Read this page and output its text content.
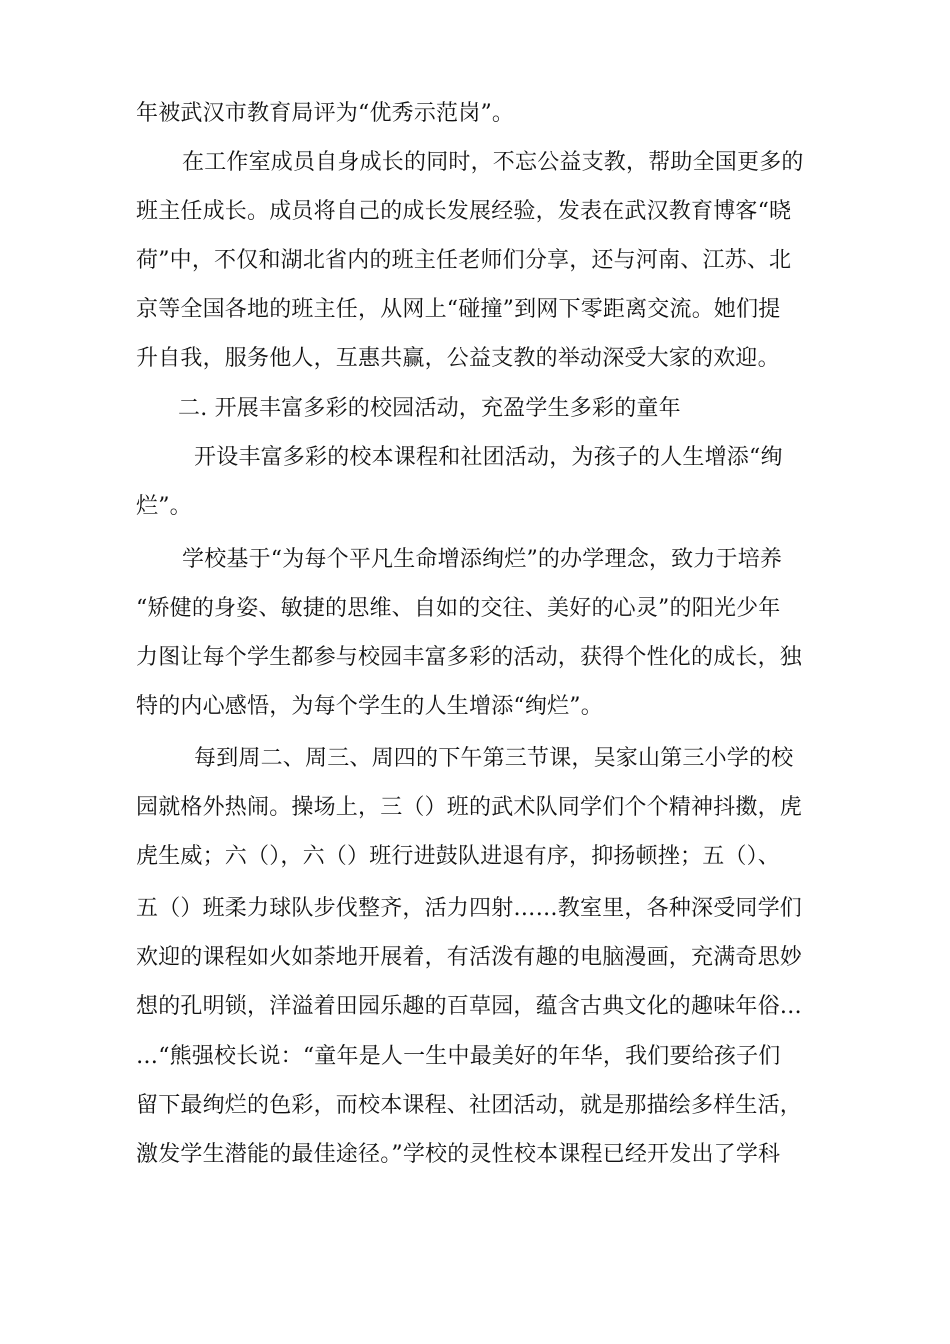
年被武汉市教育局评为“优秀示范岗”。
在工作室成员自身成长的同时，不忘公益支教，帮助全国更多的
班主任成长。成员将自己的成长发展经验，发表在武汉教育博客“晓
荷”中，不仅和湖北省内的班主任老师们分享，还与河南、江苏、北
京等全国各地的班主任，从网上“碰撞”到网下零距离交流。她们提
升自我，服务他人，互惠共赢，公益支教的举动深受大家的欢迎。
二. 开展丰富多彩的校园活动，充盈学生多彩的童年
开设丰富多彩的校本课程和社团活动，为孩子的人生增添“绚
烂”。
学校基于“为每个平凡生命增添绚烂”的办学理念，致力于培养
“矫健的身姿、敏捷的思维、自如的交往、美好的心灵”的阳光少年
力图让每个学生都参与校园丰富多彩的活动，获得个性化的成长，独
特的内心感悟，为每个学生的人生增添“绚烂”。
每到周二、周三、周四的下午第三节课，吴家山第三小学的校
园就格外热闹。操场上，三（）班的武术队同学们个个精神抖擞，虎
虎生威；六（），六（）班行进鼓队进退有序，抑扬顿挫；五（）、
五（）班柔力球队步伐整齐，活力四射……教室里，各种深受同学们
欢迎的课程如火如荼地开展着，有活泼有趣的电脑漫画，充满奇思妙
想的孔明锁，洋溢着田园乐趣的百草园，蕴含古典文化的趣味年俗…
…“熊强校长说：“童年是人一生中最美好的年华，我们要给孩子们
留下最绚烂的色彩，而校本课程、社团活动，就是那描绘多样生活，
激发学生潜能的最佳途径。”学校的灵性校本课程已经开发出了学科
